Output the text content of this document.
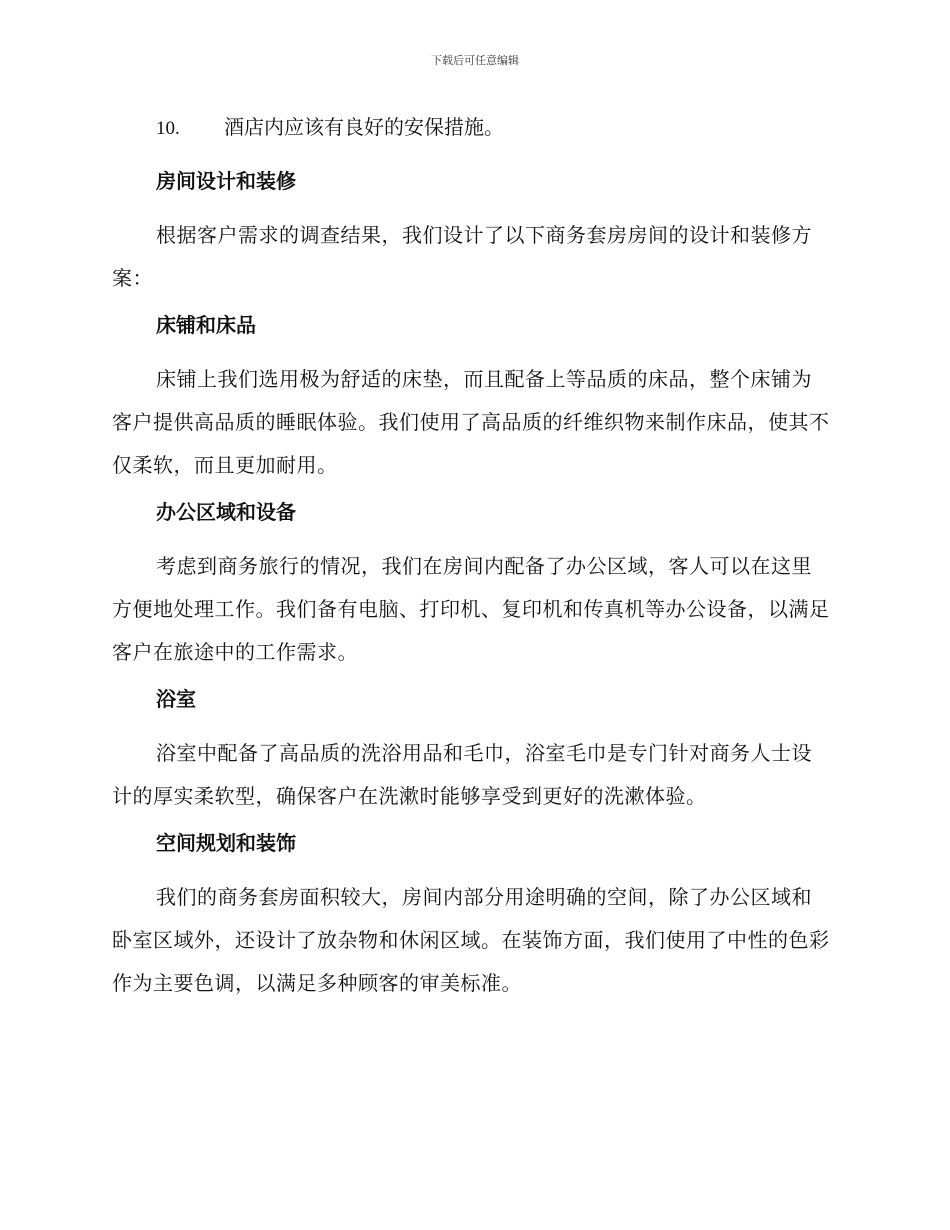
下载后可任意编辑
10.	酒店内应该有良好的安保措施。
房间设计和装修

根据客户需求的调查结果，我们设计了以下商务套房房间的设计和装修方案：

床铺和床品

床铺上我们选用极为舒适的床垫，而且配备上等品质的床品，整个床铺为客户提供高品质的睡眠体验。我们使用了高品质的纤维织物来制作床品，使其不仅柔软，而且更加耐用。

办公区域和设备

考虑到商务旅行的情况，我们在房间内配备了办公区域，客人可以在这里方便地处理工作。我们备有电脑、打印机、复印机和传真机等办公设备，以满足客户在旅途中的工作需求。

浴室

浴室中配备了高品质的洗浴用品和毛巾，浴室毛巾是专门针对商务人士设计的厚实柔软型，确保客户在洗漱时能够享受到更好的洗漱体验。

空间规划和装饰

我们的商务套房面积较大，房间内部分用途明确的空间，除了办公区域和卧室区域外，还设计了放杂物和休闲区域。在装饰方面，我们使用了中性的色彩作为主要色调，以满足多种顾客的审美标准。
